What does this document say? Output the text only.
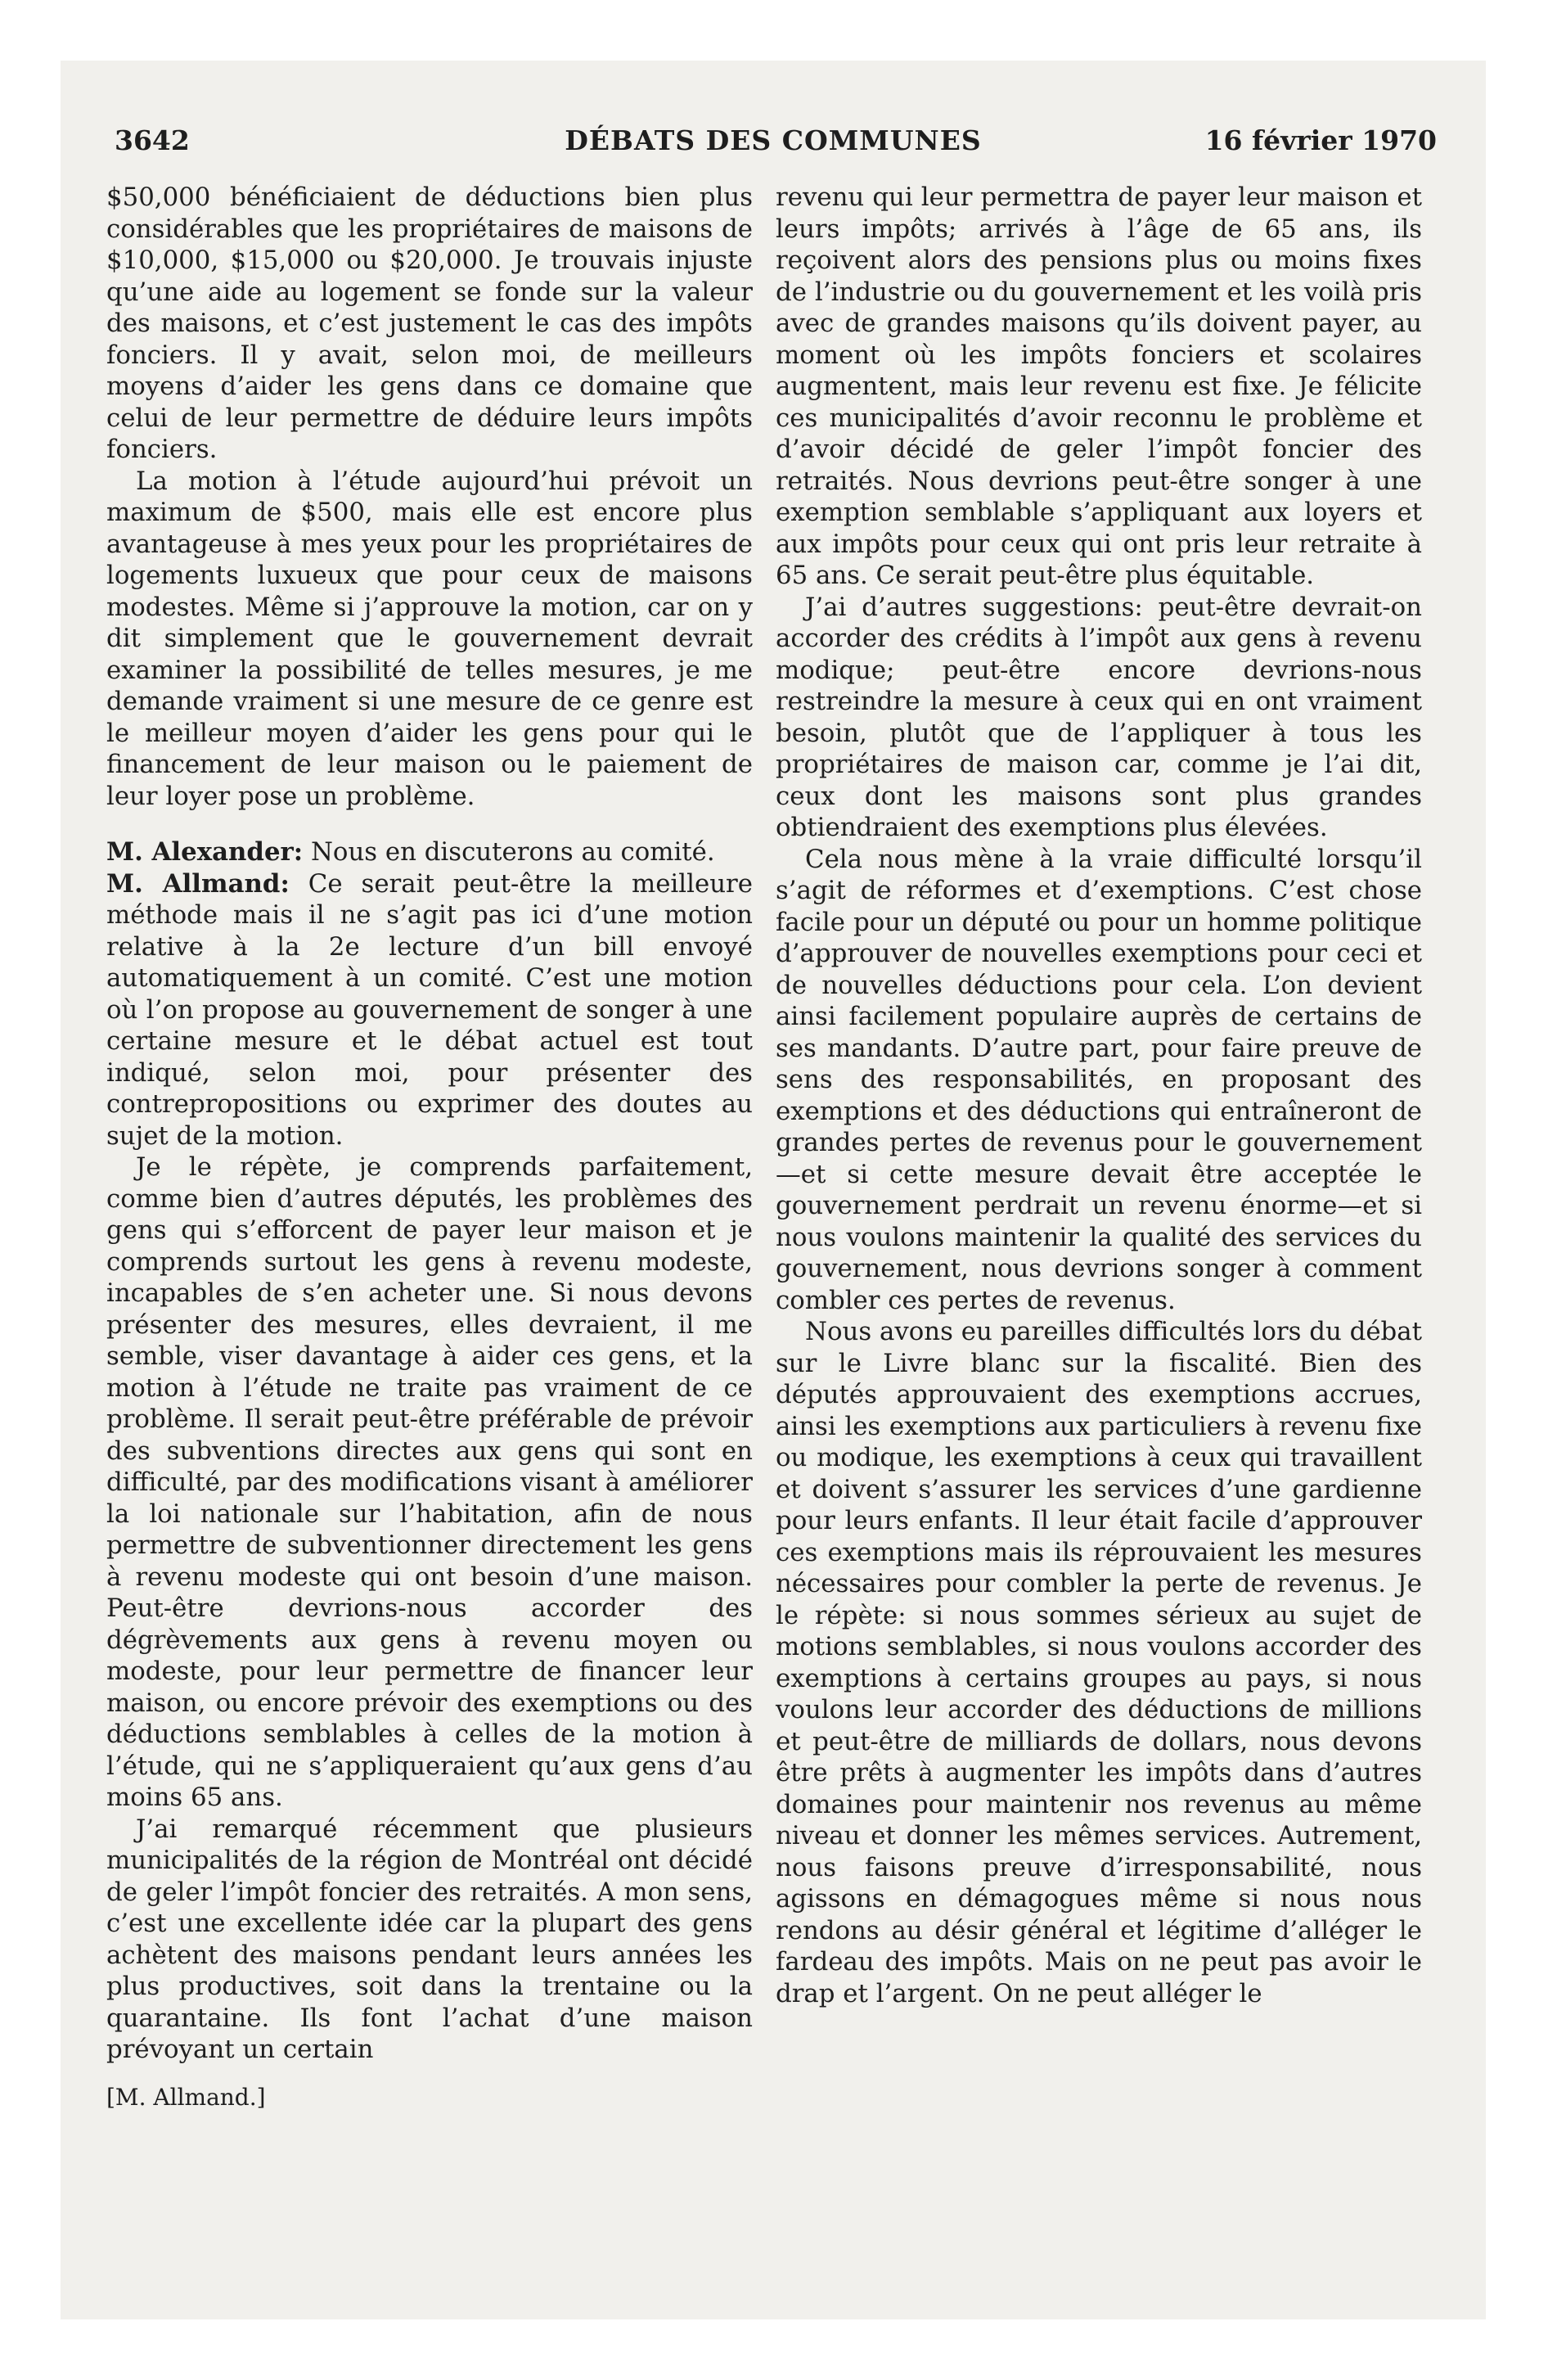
3642	DÉBATS DES COMMUNES	16 février 1970

$50,000 bénéficiaient de déductions bien plus considérables que les propriétaires de maisons de $10,000, $15,000 ou $20,000. Je trouvais injuste qu’une aide au logement se fonde sur la valeur des maisons, et c’est justement le cas des impôts fonciers. Il y avait, selon moi, de meilleurs moyens d’aider les gens dans ce domaine que celui de leur permettre de déduire leurs impôts fonciers.

La motion à l’étude aujourd’hui prévoit un maximum de $500, mais elle est encore plus avantageuse à mes yeux pour les propriétaires de logements luxueux que pour ceux de maisons modestes. Même si j’approuve la motion, car on y dit simplement que le gouvernement devrait examiner la possibilité de telles mesures, je me demande vraiment si une mesure de ce genre est le meilleur moyen d’aider les gens pour qui le financement de leur maison ou le paiement de leur loyer pose un problème.

M. Alexander: Nous en discuterons au comité.

M. Allmand: Ce serait peut-être la meilleure méthode mais il ne s’agit pas ici d’une motion relative à la 2e lecture d’un bill envoyé automatiquement à un comité. C’est une motion où l’on propose au gouvernement de songer à une certaine mesure et le débat actuel est tout indiqué, selon moi, pour présenter des contrepropositions ou exprimer des doutes au sujet de la motion.

Je le répète, je comprends parfaitement, comme bien d’autres députés, les problèmes des gens qui s’efforcent de payer leur maison et je comprends surtout les gens à revenu modeste, incapables de s’en acheter une. Si nous devons présenter des mesures, elles devraient, il me semble, viser davantage à aider ces gens, et la motion à l’étude ne traite pas vraiment de ce problème. Il serait peut-être préférable de prévoir des subventions directes aux gens qui sont en difficulté, par des modifications visant à améliorer la loi nationale sur l’habitation, afin de nous permettre de subventionner directement les gens à revenu modeste qui ont besoin d’une maison. Peut-être devrions-nous accorder des dégrèvements aux gens à revenu moyen ou modeste, pour leur permettre de financer leur maison, ou encore prévoir des exemptions ou des déductions semblables à celles de la motion à l’étude, qui ne s’appliqueraient qu’aux gens d’au moins 65 ans.

J’ai remarqué récemment que plusieurs municipalités de la région de Montréal ont décidé de geler l’impôt foncier des retraités. A mon sens, c’est une excellente idée car la plupart des gens achètent des maisons pendant leurs années les plus productives, soit dans la trentaine ou la quarantaine. Ils font l’achat d’une maison prévoyant un certain

revenu qui leur permettra de payer leur maison et leurs impôts; arrivés à l’âge de 65 ans, ils reçoivent alors des pensions plus ou moins fixes de l’industrie ou du gouvernement et les voilà pris avec de grandes maisons qu’ils doivent payer, au moment où les impôts fonciers et scolaires augmentent, mais leur revenu est fixe. Je félicite ces municipalités d’avoir reconnu le problème et d’avoir décidé de geler l’impôt foncier des retraités. Nous devrions peut-être songer à une exemption semblable s’appliquant aux loyers et aux impôts pour ceux qui ont pris leur retraite à 65 ans. Ce serait peut-être plus équitable.

J’ai d’autres suggestions: peut-être devrait-on accorder des crédits à l’impôt aux gens à revenu modique; peut-être encore devrions-nous restreindre la mesure à ceux qui en ont vraiment besoin, plutôt que de l’appliquer à tous les propriétaires de maison car, comme je l’ai dit, ceux dont les maisons sont plus grandes obtiendraient des exemptions plus élevées.

Cela nous mène à la vraie difficulté lorsqu’il s’agit de réformes et d’exemptions. C’est chose facile pour un député ou pour un homme politique d’approuver de nouvelles exemptions pour ceci et de nouvelles déductions pour cela. L’on devient ainsi facilement populaire auprès de certains de ses mandants. D’autre part, pour faire preuve de sens des responsabilités, en proposant des exemptions et des déductions qui entraîneront de grandes pertes de revenus pour le gouvernement—et si cette mesure devait être acceptée le gouvernement perdrait un revenu énorme—et si nous voulons maintenir la qualité des services du gouvernement, nous devrions songer à comment combler ces pertes de revenus.

Nous avons eu pareilles difficultés lors du débat sur le Livre blanc sur la fiscalité. Bien des députés approuvaient des exemptions accrues, ainsi les exemptions aux particuliers à revenu fixe ou modique, les exemptions à ceux qui travaillent et doivent s’assurer les services d’une gardienne pour leurs enfants. Il leur était facile d’approuver ces exemptions mais ils réprouvaient les mesures nécessaires pour combler la perte de revenus. Je le répète: si nous sommes sérieux au sujet de motions semblables, si nous voulons accorder des exemptions à certains groupes au pays, si nous voulons leur accorder des déductions de millions et peut-être de milliards de dollars, nous devons être prêts à augmenter les impôts dans d’autres domaines pour maintenir nos revenus au même niveau et donner les mêmes services. Autrement, nous faisons preuve d’irresponsabilité, nous agissons en démagogues même si nous nous rendons au désir général et légitime d’alléger le fardeau des impôts. Mais on ne peut pas avoir le drap et l’argent. On ne peut alléger le

[M. Allmand.]
